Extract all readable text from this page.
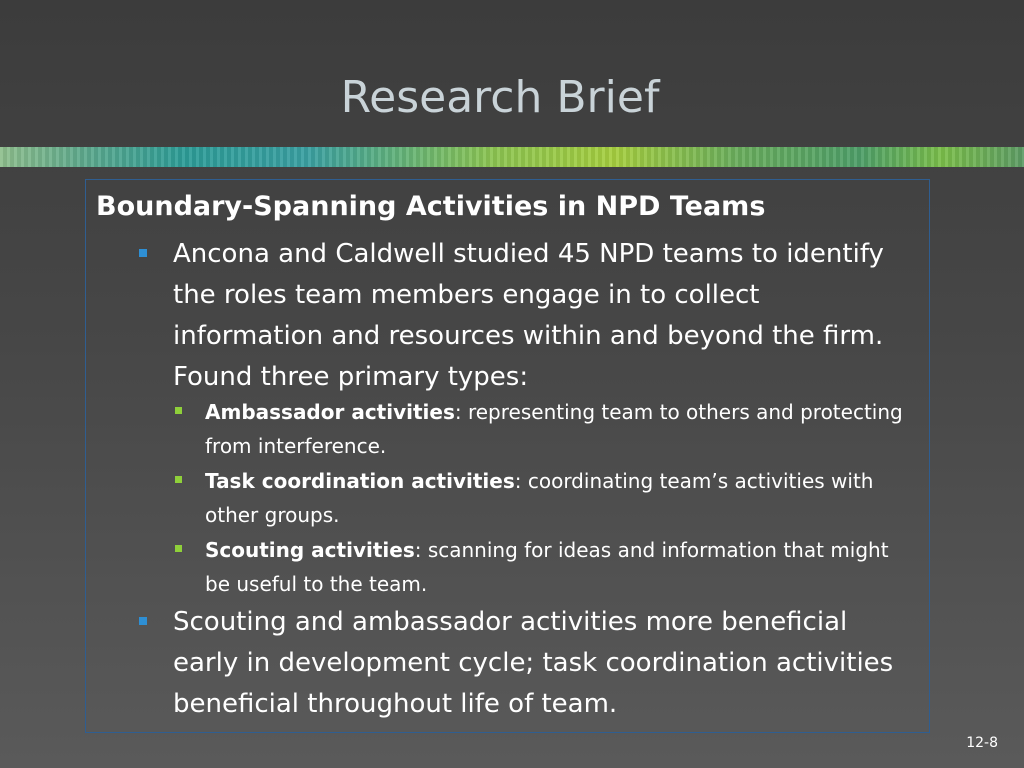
Research Brief
Boundary-Spanning Activities in NPD Teams
Ancona and Caldwell studied 45 NPD teams to identify the roles team members engage in to collect information and resources within and beyond the firm. Found three primary types:
Ambassador activities: representing team to others and protecting from interference.
Task coordination activities: coordinating team’s activities with other groups.
Scouting activities: scanning for ideas and information that might be useful to the team.
Scouting and ambassador activities more beneficial early in development cycle; task coordination activities beneficial throughout life of team.
12-8
